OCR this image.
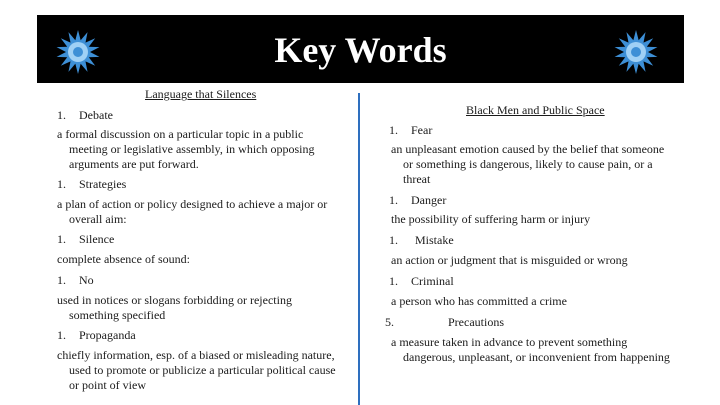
Key Words
Language that Silences
1. Debate
a formal discussion on a particular topic in a public
meeting or legislative assembly, in which opposing
arguments are put forward.
1. Strategies
a plan of action or policy designed to achieve a major or
overall aim:
1. Silence
complete absence of sound:
1. No
used in notices or slogans forbidding or rejecting
something specified
1. Propaganda
chiefly information, esp. of a biased or misleading nature,
used to promote or publicize a particular political cause
or point of view
Black Men and Public Space
1. Fear
an unpleasant emotion caused by the belief that someone
or something is dangerous, likely to cause pain, or a
threat
1. Danger
the possibility of suffering harm or injury
1. Mistake
an action or judgment that is misguided or wrong
1. Criminal
a person who has committed a crime
5.	Precautions
a measure taken in advance to prevent something
dangerous, unpleasant, or inconvenient from happening
